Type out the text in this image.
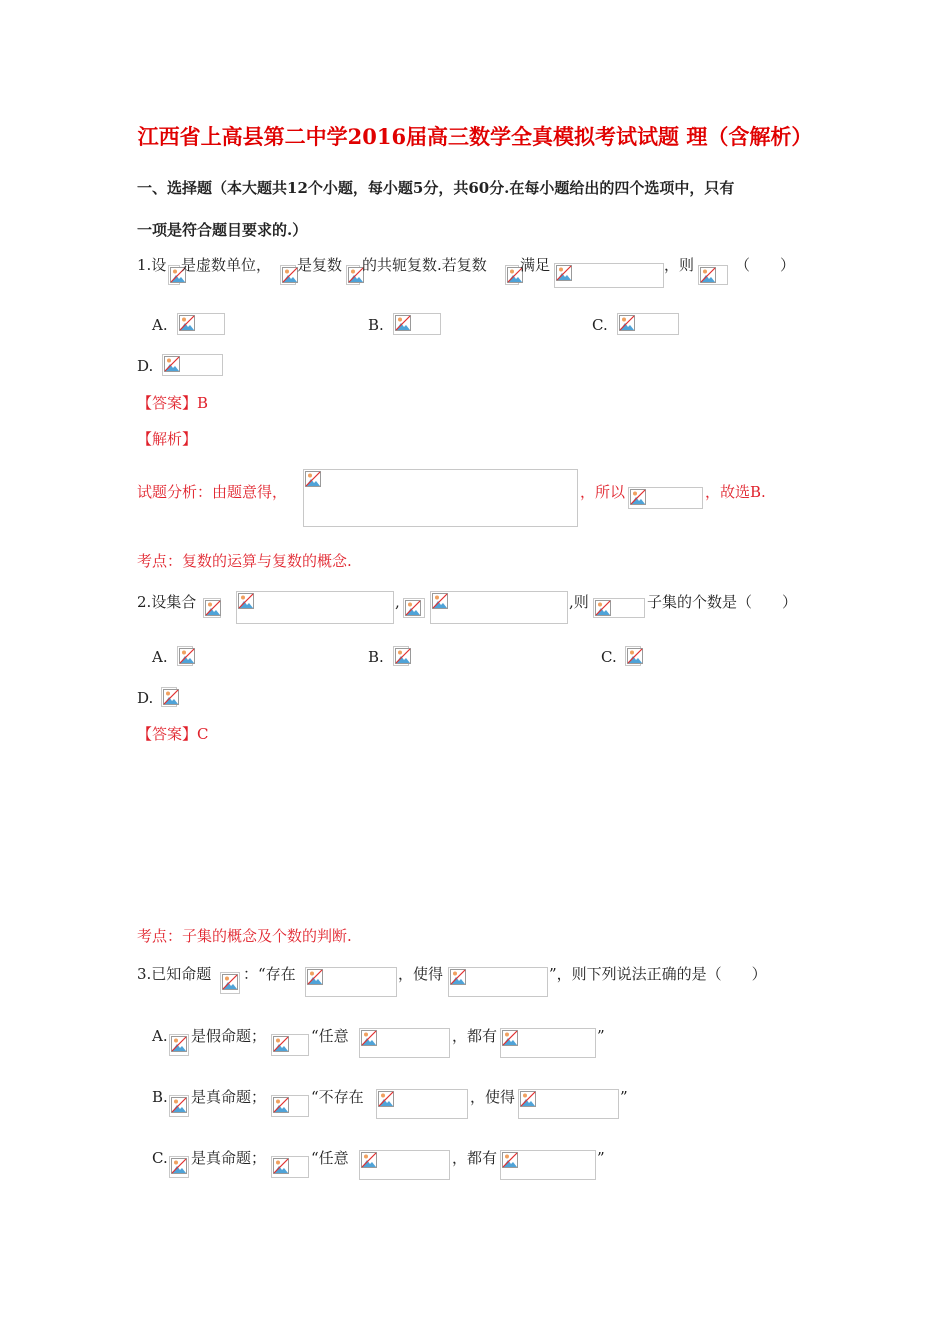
江西省上高县第二中学2016届高三数学全真模拟考试试题 理（含解析）
一、选择题（本大题共12个小题，每小题5分，共60分.在每小题给出的四个选项中，只有
一项是符合题目要求的.）
1.设 是虚数单位， 是复数 的共轭复数.若复数 满足	，则	（　　）
A.	B.	C.
D.
【答案】B
【解析】
试题分析：由题意得，	，所以	，故选B.
考点：复数的运算与复数的概念.
2.设集合	,	,则	子集的个数是（　　）
A.	B.	C.
D.
【答案】C
考点：子集的概念及个数的判断.
3.已知命题 ：“存在	，使得	”，则下列说法正确的是（　　）
A. 是假命题；	“任意	，都有	”
B. 是真命题；	“不存在	，使得	”
C. 是真命题；	“任意	，都有	”
